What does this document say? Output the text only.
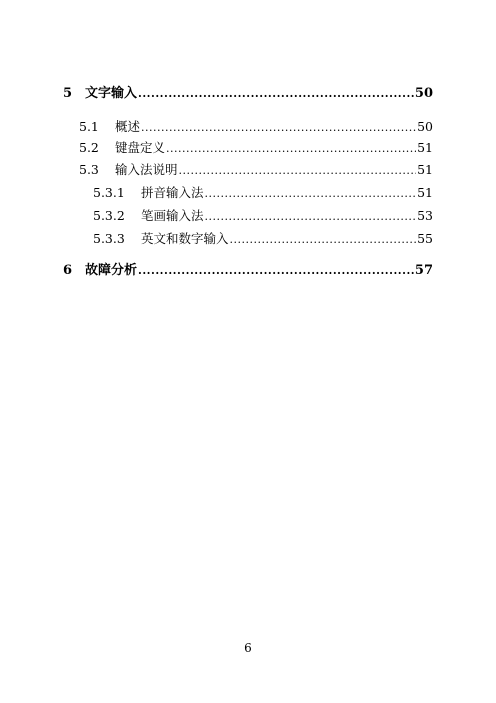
5 文字输入 .....	50
5.1	概述 .....	50
5.2	键盘定义 .....	51
5.3	输入法说明 .....	51
5.3.1	拼音输入法 .....	51
5.3.2	笔画输入法 .....	53
5.3.3	英文和数字输入 .....	55
6 故障分析 .....	57
6
